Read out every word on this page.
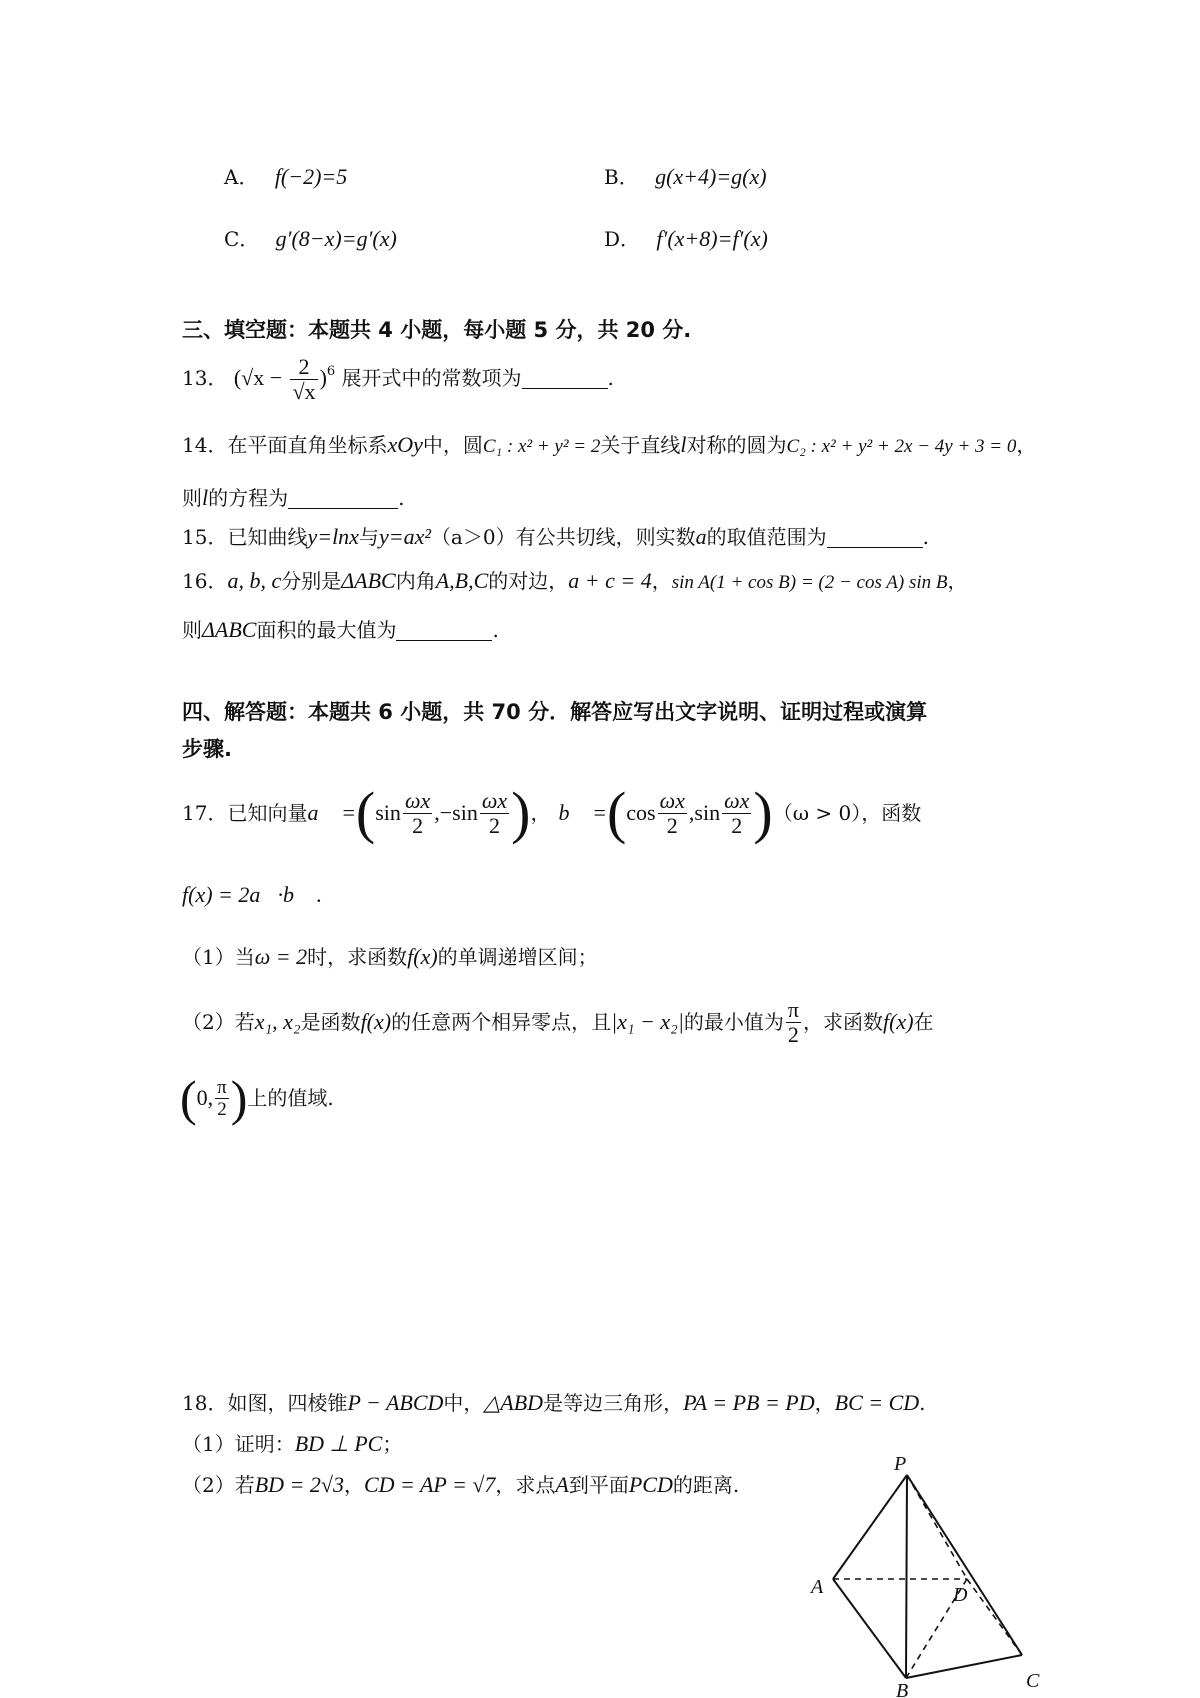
A． f(−2)=5	B． g(x+4)=g(x)
C． g′(8−x)=g′(x)	D． f′(x+8)=f′(x)
三、填空题：本题共 4 小题，每小题 5 分，共 20 分.
13． $(√x - \frac{2}{√x} )^6$ 展开式中的常数项为	.
14．在平面直角坐标系xOy中，圆C₁ : x² + y² = 2关于直线l对称的圆为C₂ : x² + y² + 2x − 4y + 3 = 0，
则l的方程为	.
15．已知曲线y=lnx与y=ax²（a＞0）有公共切线，则实数a的取值范围为	.
16．a, b, c分别是ΔABC内角A,B,C的对边，a + c = 4，sin A(1 + cos B) = (2 − cos A) sin B，
则ΔABC面积的最大值为	.
四、解答题：本题共 6 小题，共 70 分．解答应写出文字说明、证明过程或演算
步骤.
17． 已知向量 a⃗ = ( $\sin \frac{\omega x}{2} ,-\sin \frac{\omega x}{2}$ ) ， b⃗ = ( $\cos \frac{\omega x}{2} ,\sin \frac{\omega x}{2}$ ) （ω > 0），函数
f(x) = 2a⃗·b⃗ .
（1）当ω = 2时，求函数f(x)的单调递增区间；
（2）若 x₁, x₂ 是函数 f(x) 的任意两个相异零点，且 |x₁ − x₂| 的最小值为 $\frac{\pi}{2}$ ，求函数 f(x) 在
( 0, $\frac{\pi}{2}$ ) 上的值域.
18．如图，四棱锥P − ABCD中，△ABD是等边三角形，PA = PB = PD，BC = CD.
（1）证明：BD ⊥ PC；
（2）若BD = 2√3，CD = AP = √7，求点A到平面PCD的距离.
P
A
B	C
D
